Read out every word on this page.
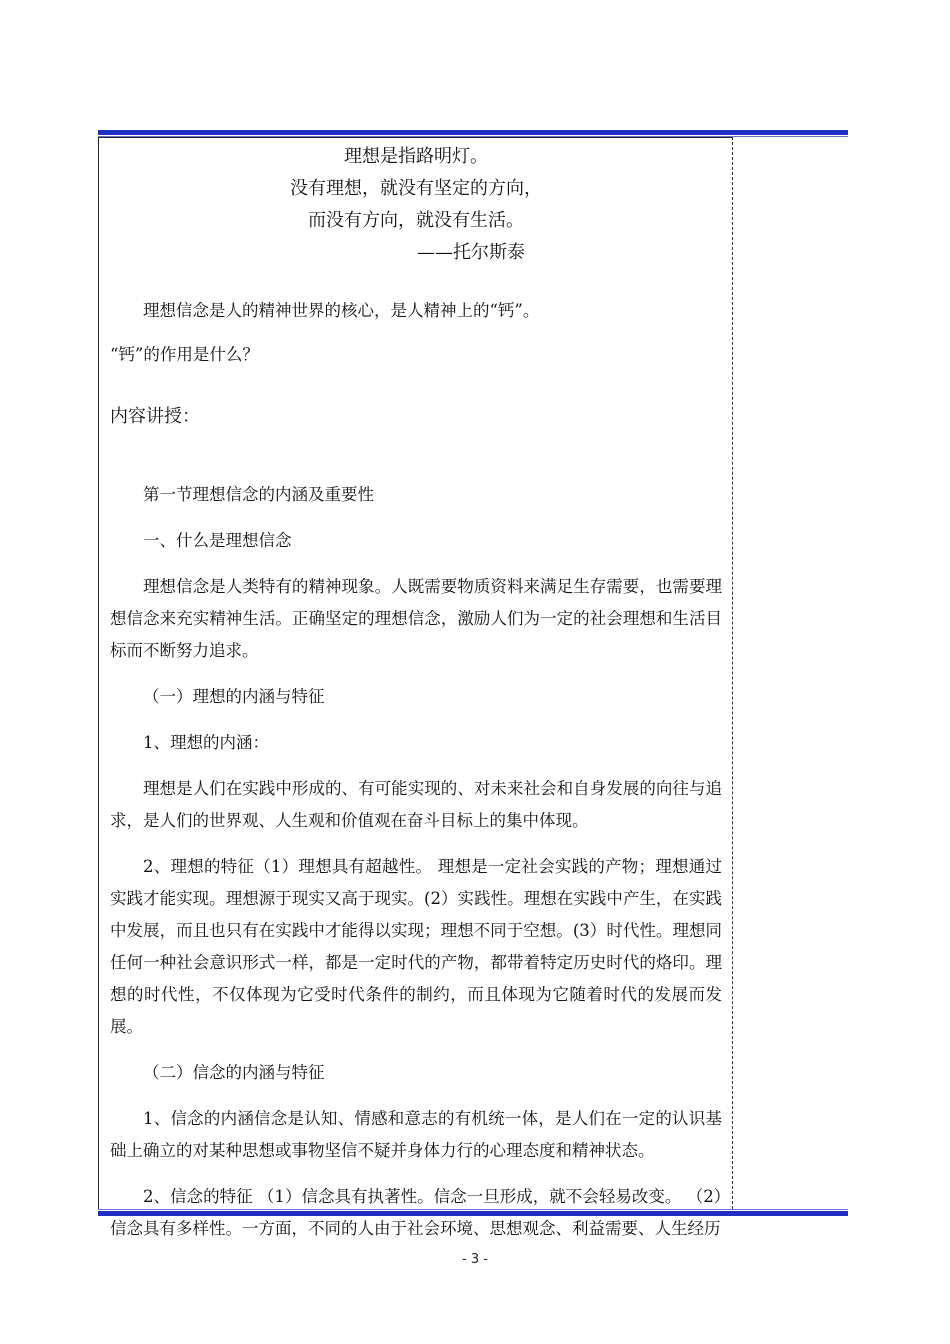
理想是指路明灯。

没有理想，就没有坚定的方向，

而没有方向，就没有生活。

——托尔斯泰

理想信念是人的精神世界的核心，是人精神上的“钙”。

“钙”的作用是什么？

内容讲授：

第一节理想信念的内涵及重要性

一、什么是理想信念

理想信念是人类特有的精神现象。人既需要物质资料来满足生存需要，也需要理想信念来充实精神生活。正确坚定的理想信念，激励人们为一定的社会理想和生活目标而不断努力追求。

（一）理想的内涵与特征

1、理想的内涵：

理想是人们在实践中形成的、有可能实现的、对未来社会和自身发展的向往与追求，是人们的世界观、人生观和价值观在奋斗目标上的集中体现。

2、理想的特征（1）理想具有超越性。 理想是一定社会实践的产物；理想通过实践才能实现。理想源于现实又高于现实。(2）实践性。理想在实践中产生，在实践中发展，而且也只有在实践中才能得以实现；理想不同于空想。(3）时代性。理想同任何一种社会意识形式一样，都是一定时代的产物，都带着特定历史时代的烙印。理想的时代性，不仅体现为它受时代条件的制约，而且体现为它随着时代的发展而发展。

（二）信念的内涵与特征

1、信念的内涵信念是认知、情感和意志的有机统一体，是人们在一定的认识基础上确立的对某种思想或事物坚信不疑并身体力行的心理态度和精神状态。

2、信念的特征 （1）信念具有执著性。信念一旦形成，就不会轻易改变。 （2）信念具有多样性。一方面，不同的人由于社会环境、思想观念、利益需要、人生经历

- 3 -
